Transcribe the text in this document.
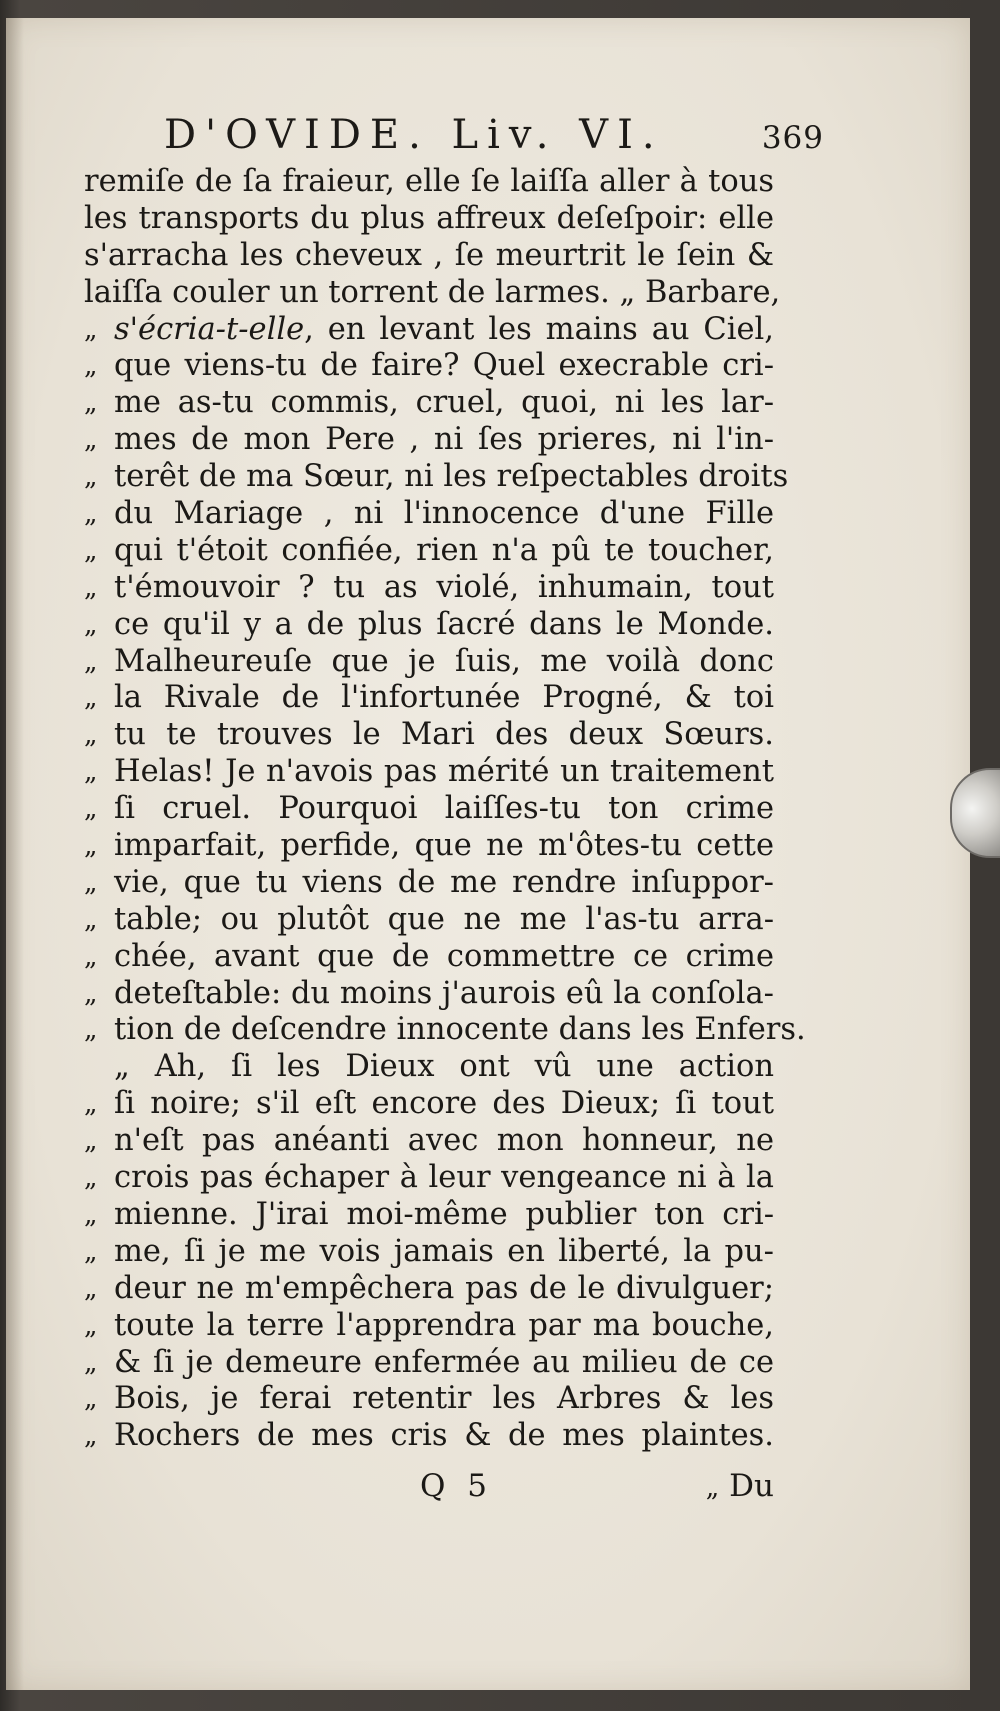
D'OVIDE. Liv. VI.	369
remiſe de ſa fraieur, elle ſe laiſſa aller à tous
les transports du plus affreux deſeſpoir: elle
s'arracha les cheveux , ſe meurtrit le ſein &
laiſſa couler un torrent de larmes. „ Barbare,
„ s'écria-t-elle, en levant les mains au Ciel,
„ que viens-tu de faire? Quel execrable cri-
„ me as-tu commis, cruel, quoi, ni les lar-
„ mes de mon Pere , ni ſes prieres, ni l'in-
„ terêt de ma Sœur, ni les reſpectables droits
„ du Mariage , ni l'innocence d'une Fille
„ qui t'étoit confiée, rien n'a pû te toucher,
„ t'émouvoir ? tu as violé, inhumain, tout
„ ce qu'il y a de plus ſacré dans le Monde.
„ Malheureuſe que je ſuis, me voilà donc
„ la Rivale de l'infortunée Progné, & toi
„ tu te trouves le Mari des deux Sœurs.
„ Helas! Je n'avois pas mérité un traitement
„ ſi cruel. Pourquoi laiſſes-tu ton crime
„ imparfait, perfide, que ne m'ôtes-tu cette
„ vie, que tu viens de me rendre inſuppor-
„ table; ou plutôt que ne me l'as-tu arra-
„ chée, avant que de commettre ce crime
„ deteſtable: du moins j'aurois eû la conſola-
„ tion de deſcendre innocente dans les Enfers.
„ Ah, ſi les Dieux ont vû une action
„ ſi noire; s'il eſt encore des Dieux; ſi tout
„ n'eſt pas anéanti avec mon honneur, ne
„ crois pas échaper à leur vengeance ni à la
„ mienne. J'irai moi-même publier ton cri-
„ me, ſi je me vois jamais en liberté, la pu-
„ deur ne m'empêchera pas de le divulguer;
„ toute la terre l'apprendra par ma bouche,
„ & ſi je demeure enfermée au milieu de ce
„ Bois, je ferai retentir les Arbres & les
„ Rochers de mes cris & de mes plaintes.
Q 5	„ Du
